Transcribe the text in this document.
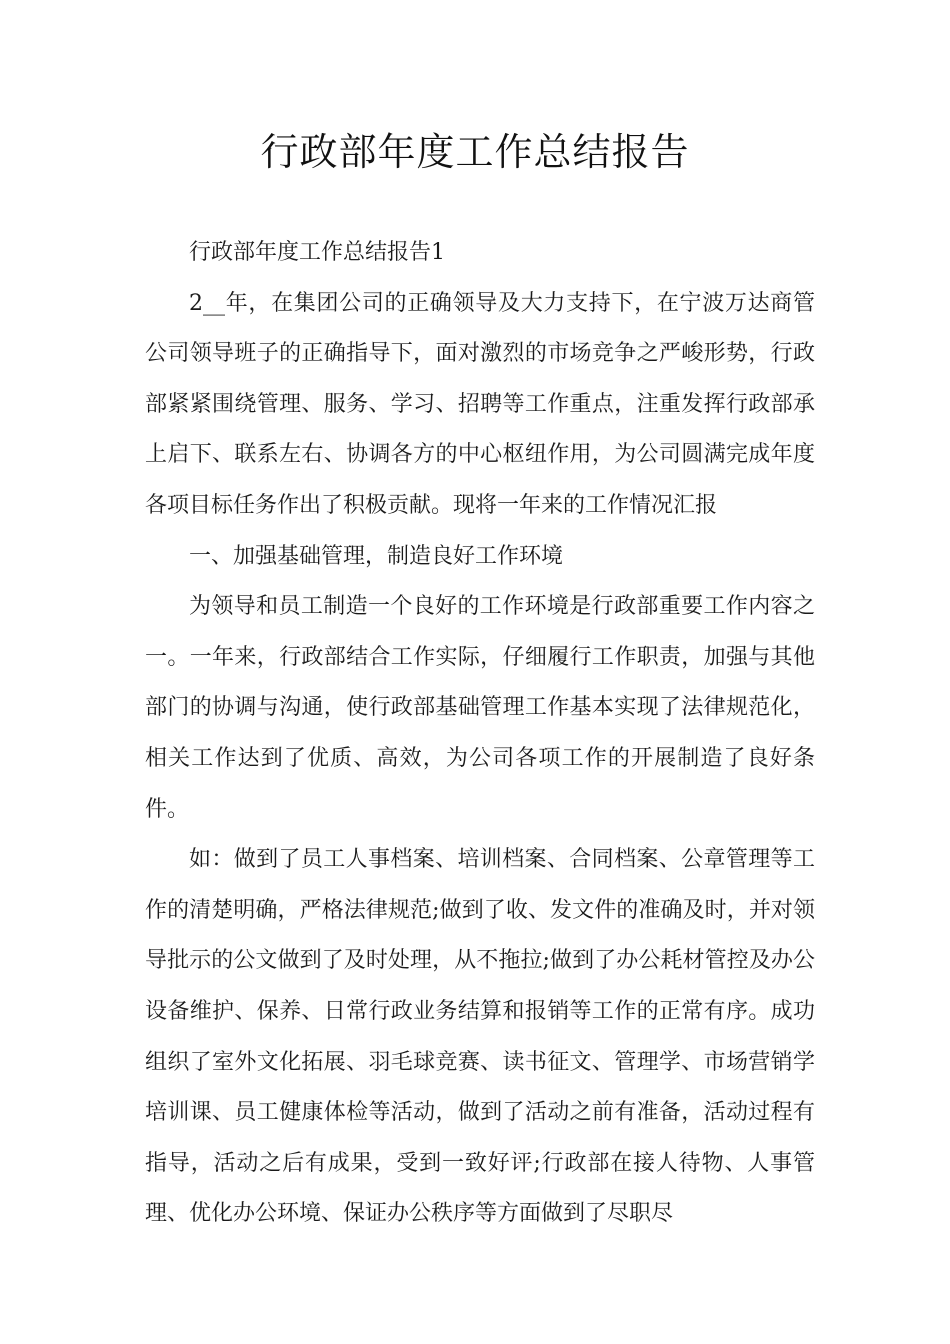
行政部年度工作总结报告

行政部年度工作总结报告1

2__年，在集团公司的正确领导及大力支持下，在宁波万达商管公司领导班子的正确指导下，面对激烈的市场竞争之严峻形势，行政部紧紧围绕管理、服务、学习、招聘等工作重点，注重发挥行政部承上启下、联系左右、协调各方的中心枢纽作用，为公司圆满完成年度各项目标任务作出了积极贡献。现将一年来的工作情况汇报

一、加强基础管理，制造良好工作环境

为领导和员工制造一个良好的工作环境是行政部重要工作内容之一。一年来，行政部结合工作实际，仔细履行工作职责，加强与其他部门的协调与沟通，使行政部基础管理工作基本实现了法律规范化，相关工作达到了优质、高效，为公司各项工作的开展制造了良好条件。

如：做到了员工人事档案、培训档案、合同档案、公章管理等工作的清楚明确，严格法律规范;做到了收、发文件的准确及时，并对领导批示的公文做到了及时处理，从不拖拉;做到了办公耗材管控及办公设备维护、保养、日常行政业务结算和报销等工作的正常有序。成功组织了室外文化拓展、羽毛球竞赛、读书征文、管理学、市场营销学培训课、员工健康体检等活动，做到了活动之前有准备，活动过程有指导，活动之后有成果，受到一致好评;行政部在接人待物、人事管理、优化办公环境、保证办公秩序等方面做到了尽职尽
